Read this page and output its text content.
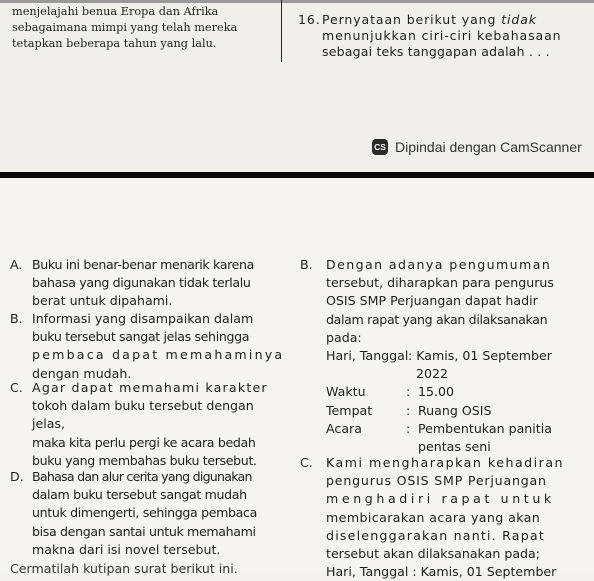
menjelajahi benua Eropa dan Afrika
sebagaimana mimpi yang telah mereka
tetapkan beberapa tahun yang lalu.
16. Pernyataan berikut yang tidak
menunjukkan ciri-ciri kebahasaan
sebagai teks tanggapan adalah . . .
CS Dipindai dengan CamScanner
A. Buku ini benar-benar menarik karena
bahasa yang digunakan tidak terlalu
berat untuk dipahami.
B. Informasi yang disampaikan dalam
buku tersebut sangat jelas sehingga
pembaca dapat memahaminya
dengan mudah.
C. Agar dapat memahami karakter
tokoh dalam buku tersebut dengan
jelas,
maka kita perlu pergi ke acara bedah
buku yang membahas buku tersebut.
D. Bahasa dan alur cerita yang digunakan
dalam buku tersebut sangat mudah
untuk dimengerti, sehingga pembaca
bisa dengan santai untuk memahami
makna dari isi novel tersebut.
Cermatilah kutipan surat berikut ini.
B. Dengan adanya pengumuman
tersebut, diharapkan para pengurus
OSIS SMP Perjuangan dapat hadir
dalam rapat yang akan dilaksanakan
pada:
Hari, Tanggal : Kamis, 01 September
2022
Waktu	: 15.00
Tempat	: Ruang OSIS
Acara	: Pembentukan panitia
pentas seni
C. Kami mengharapkan kehadiran
pengurus OSIS SMP Perjuangan
menghadiri rapat untuk
membicarakan acara yang akan
diselenggarakan nanti. Rapat
tersebut akan dilaksanakan pada;
Hari, Tanggal : Kamis, 01 September
